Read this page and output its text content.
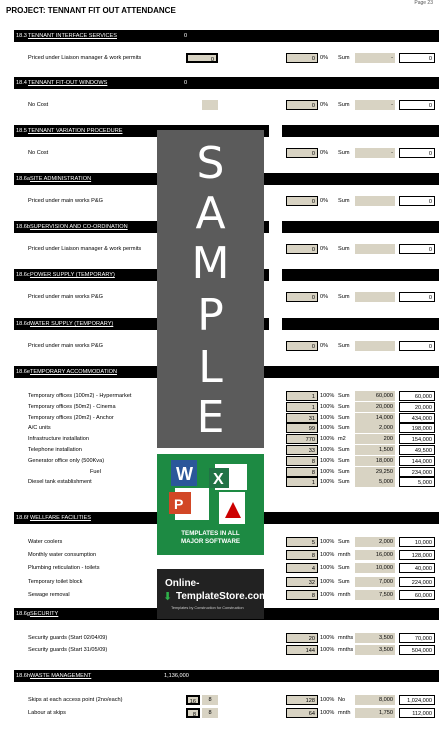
Page 23
PROJECT: TENNANT FIT OUT ATTENDANCE
18.3 TENNANT INTERFACE SERVICES	0
Priced under Liaison manager & work permits	0	0 0% Sum	-	0
18.4 TENNANT FIT-OUT WINDOWS	0
No Cost	0 0% Sum	-	0
18.5 TENNANT VARIATION PROCEDURE
No Cost	0 0% Sum	-	0
18.6a SITE ADMINISTRATION
Priced under main works P&G	0 0% Sum	0
18.6b SUPERVISION AND CO-ORDINATION
Priced under Liaison manager & work permits	0 0% Sum	0
18.6c POWER SUPPLY (TEMPORARY)
Priced under main works P&G	0 0% Sum	0
18.6d WATER SUPPLY (TEMPORARY)
Priced under main works P&G	0 0% Sum	0
18.6e TEMPORARY ACCOMMODATION
Temporary offices (100m2) - Hypermarket	1 100% Sum	60,000	60,000
Temporary offices (50m2) - Cinema	1 100% Sum	20,000	20,000
Temporary offices (20m2) - Anchor	31 100% Sum	14,000	434,000
A/C units	99 100% Sum	2,000	198,000
Infrastructure installation	770 100% m2	200	154,000
Telephone installation	33 100% Sum	1,500	49,500
Generator office only (500Kva)	8 100% Sum	18,000	144,000
Fuel	8 100% Sum	29,250	234,000
Diesel tank establishment	1 100% Sum	5,000	5,000
18.6f WELLFARE FACILITIES
Water coolers	5 100% Sum	2,000	10,000
Monthly water consumption	8 100% mnth	16,000	128,000
Plumbing reticulation - toilets	4 100% Sum	10,000	40,000
Temporary toilet block	32 100% Sum	7,000	224,000
Sewage removal	8 100% mnth	7,500	60,000
18.6g SECURITY
Security guards (Start 02/04/09)	20 100% mnths	3,500	70,000
Security guards (Start 31/05/09)	144 100% mnths	3,500	504,000
18.6h WASTE MANAGEMENT	1,136,000
Skips at each access point (2no/each)	16	8	128 100% No	8,000	1,024,000
Labour at skips	8	8	64 100% mnth	1,750	112,000
S
A
M
P
L
E
W X
P
TEMPLATES IN ALL
MAJOR SOFTWARE
Online-
⬇ TemplateStore.com
Templates by Construction for Construction
